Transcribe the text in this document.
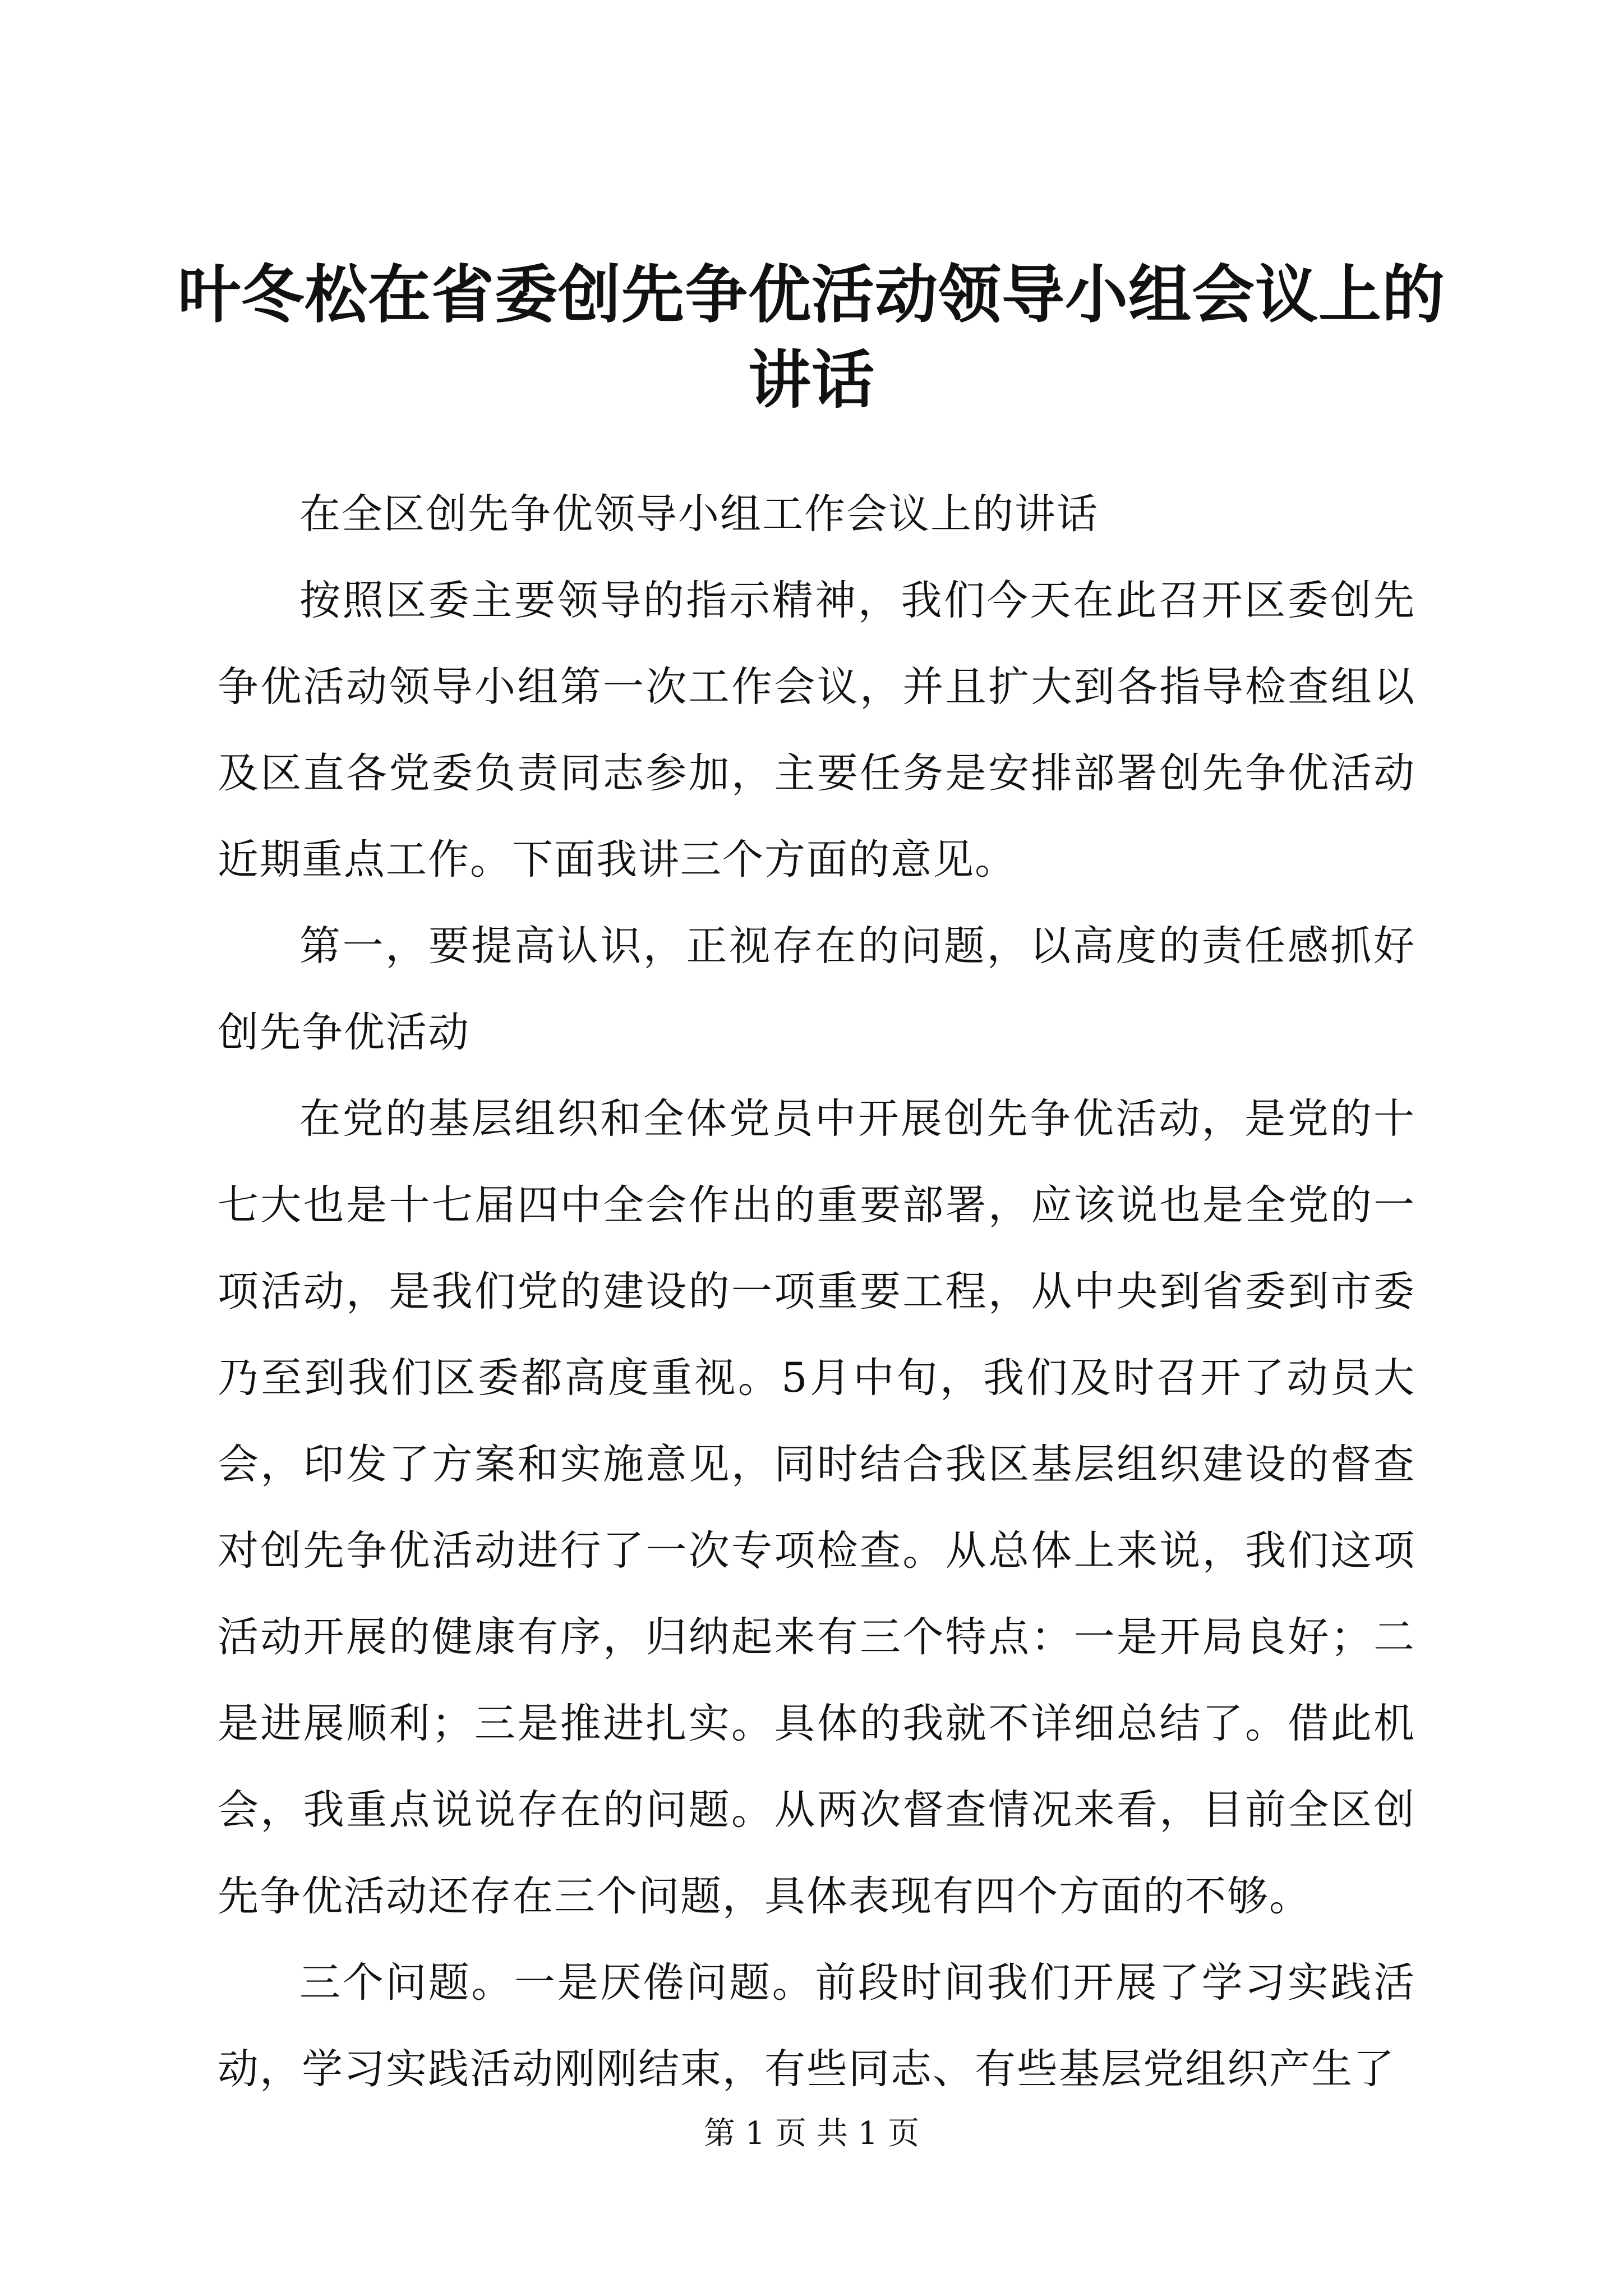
叶冬松在省委创先争优活动领导小组会议上的
讲话

在全区创先争优领导小组工作会议上的讲话

按照区委主要领导的指示精神，我们今天在此召开区委创先争优活动领导小组第一次工作会议，并且扩大到各指导检查组以及区直各党委负责同志参加，主要任务是安排部署创先争优活动近期重点工作。下面我讲三个方面的意见。

第一，要提高认识，正视存在的问题，以高度的责任感抓好创先争优活动

在党的基层组织和全体党员中开展创先争优活动，是党的十七大也是十七届四中全会作出的重要部署，应该说也是全党的一项活动，是我们党的建设的一项重要工程，从中央到省委到市委乃至到我们区委都高度重视。5月中旬，我们及时召开了动员大会，印发了方案和实施意见，同时结合我区基层组织建设的督查对创先争优活动进行了一次专项检查。从总体上来说，我们这项活动开展的健康有序，归纳起来有三个特点：一是开局良好；二是进展顺利；三是推进扎实。具体的我就不详细总结了。借此机会，我重点说说存在的问题。从两次督查情况来看，目前全区创先争优活动还存在三个问题，具体表现有四个方面的不够。

三个问题。一是厌倦问题。前段时间我们开展了学习实践活动，学习实践活动刚刚结束，有些同志、有些基层党组织产生了

第 1 页 共 1 页
